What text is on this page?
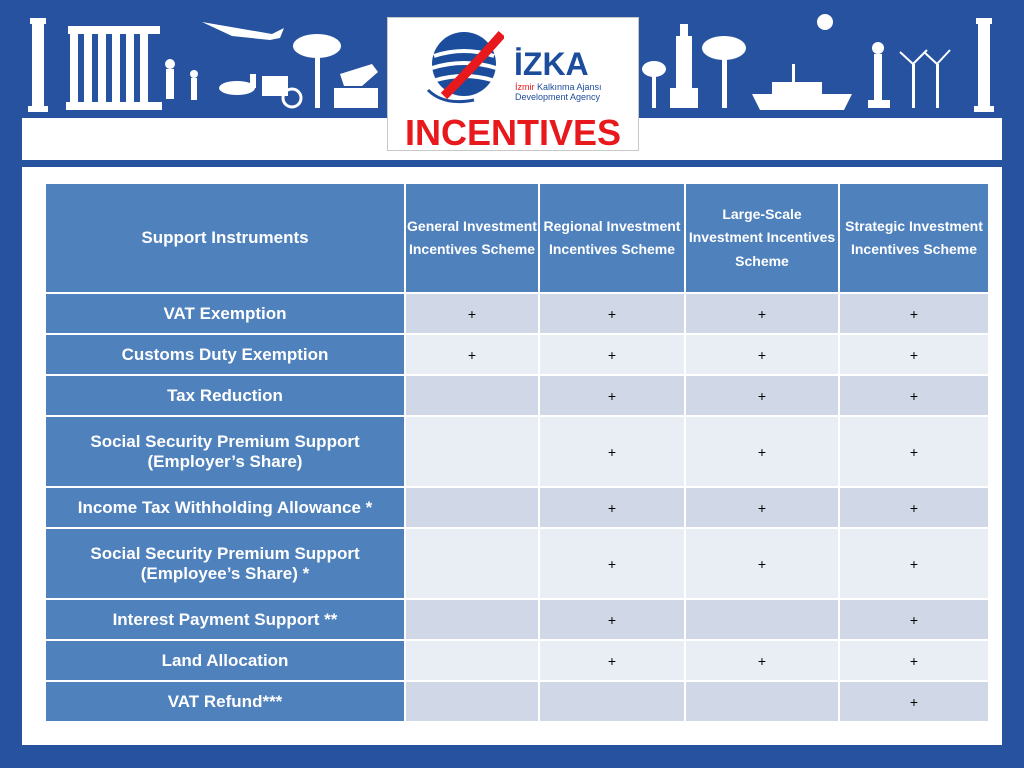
İZKA
İzmir Kalkınma Ajansı
Development Agency
INCENTIVES
Support Instruments	General Investment Incentives Scheme	Regional Investment Incentives Scheme	Large-Scale Investment Incentives Scheme	Strategic Investment Incentives Scheme
VAT Exemption	+	+	+	+
Customs Duty Exemption	+	+	+	+
Tax Reduction		+	+	+
Social Security Premium Support (Employer’s Share)		+	+	+
Income Tax Withholding Allowance *		+	+	+
Social Security Premium Support (Employee’s Share) *		+	+	+
Interest Payment Support **		+		+
Land Allocation		+	+	+
VAT Refund***				+
